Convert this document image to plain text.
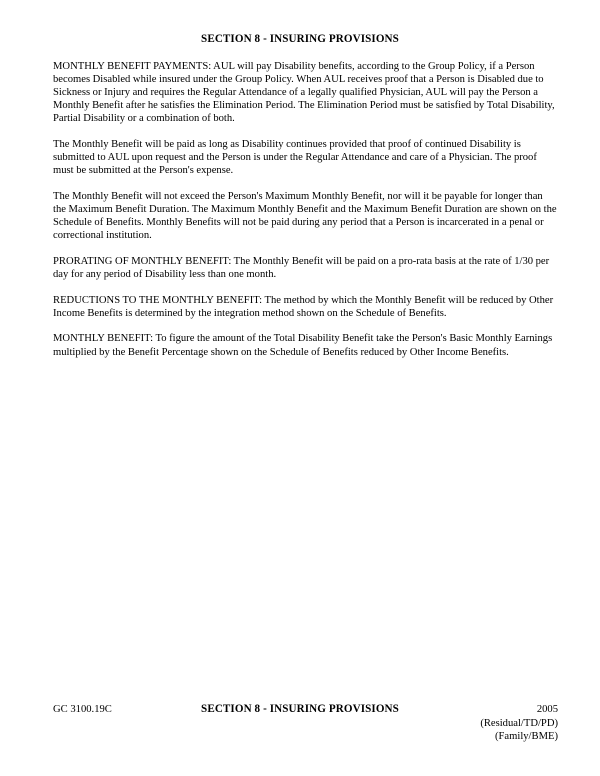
SECTION 8 - INSURING PROVISIONS

MONTHLY BENEFIT PAYMENTS: AUL will pay Disability benefits, according to the Group Policy, if a Person becomes Disabled while insured under the Group Policy. When AUL receives proof that a Person is Disabled due to Sickness or Injury and requires the Regular Attendance of a legally qualified Physician, AUL will pay the Person a Monthly Benefit after he satisfies the Elimination Period. The Elimination Period must be satisfied by Total Disability, Partial Disability or a combination of both.

The Monthly Benefit will be paid as long as Disability continues provided that proof of continued Disability is submitted to AUL upon request and the Person is under the Regular Attendance and care of a Physician. The proof must be submitted at the Person's expense.

The Monthly Benefit will not exceed the Person's Maximum Monthly Benefit, nor will it be payable for longer than the Maximum Benefit Duration. The Maximum Monthly Benefit and the Maximum Benefit Duration are shown on the Schedule of Benefits. Monthly Benefits will not be paid during any period that a Person is incarcerated in a penal or correctional institution.

PRORATING OF MONTHLY BENEFIT: The Monthly Benefit will be paid on a pro-rata basis at the rate of 1/30 per day for any period of Disability less than one month.

REDUCTIONS TO THE MONTHLY BENEFIT: The method by which the Monthly Benefit will be reduced by Other Income Benefits is determined by the integration method shown on the Schedule of Benefits.

MONTHLY BENEFIT: To figure the amount of the Total Disability Benefit take the Person's Basic Monthly Earnings multiplied by the Benefit Percentage shown on the Schedule of Benefits reduced by Other Income Benefits.

GC 3100.19C	SECTION 8 - INSURING PROVISIONS	2005
(Residual/TD/PD)
(Family/BME)
